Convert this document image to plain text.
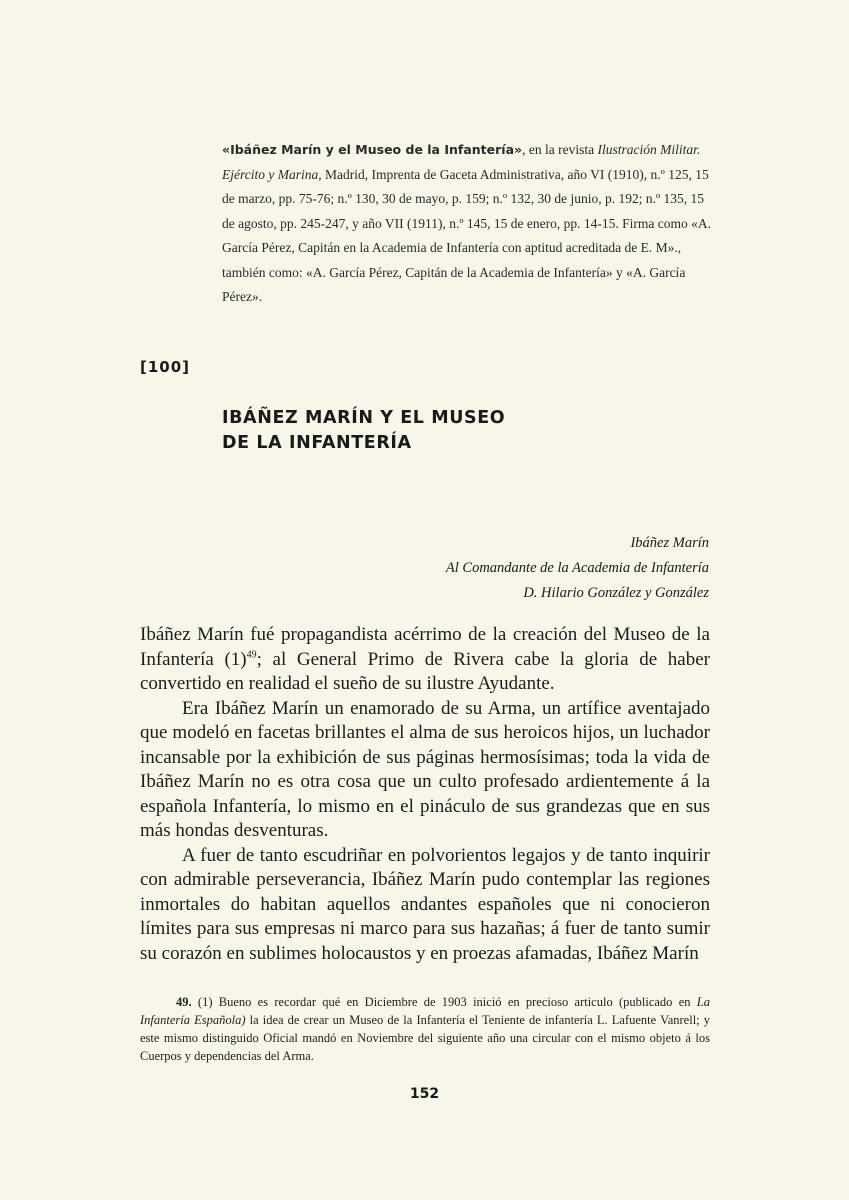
«Ibáñez Marín y el Museo de la Infantería», en la revista Ilustración Militar. Ejército y Marina, Madrid, Imprenta de Gaceta Administrativa, año VI (1910), n.º 125, 15 de marzo, pp. 75-76; n.º 130, 30 de mayo, p. 159; n.º 132, 30 de junio, p. 192; n.º 135, 15 de agosto, pp. 245-247, y año VII (1911), n.º 145, 15 de enero, pp. 14-15. Firma como «A. García Pérez, Capitán en la Academia de Infantería con aptitud acreditada de E. M»., también como: «A. García Pérez, Capitán de la Academia de Infantería» y «A. García Pérez».
[100]
IBÁÑEZ MARÍN Y EL MUSEO
DE LA INFANTERÍA
Ibáñez Marín
Al Comandante de la Academia de Infantería
D. Hilario González y González

Ibáñez Marín fué propagandista acérrimo de la creación del Museo de la Infantería $(1)^{49}$; al General Primo de Rivera cabe la gloria de haber convertido en realidad el sueño de su ilustre Ayudante.

Era Ibáñez Marín un enamorado de su Arma, un artífice aventajado que modeló en facetas brillantes el alma de sus heroicos hijos, un luchador incansable por la exhibición de sus páginas hermosísimas; toda la vida de Ibáñez Marín no es otra cosa que un culto profesado ardientemente á la española Infantería, lo mismo en el pináculo de sus grandezas que en sus más hondas desventuras.

A fuer de tanto escudriñar en polvorientos legajos y de tanto inquirir con admirable perseverancia, Ibáñez Marín pudo contemplar las regiones inmortales do habitan aquellos andantes españoles que ni conocieron límites para sus empresas ni marco para sus hazañas; á fuer de tanto sumir su corazón en sublimes holocaustos y en proezas afamadas, Ibáñez Marín

49. (1) Bueno es recordar qué en Diciembre de 1903 inició en precioso articulo (publicado en La Infantería Española) la idea de crear un Museo de la Infantería el Teniente de infantería L. Lafuente Vanrell; y este mismo distinguido Oficial mandó en Noviembre del siguiente año una circular con el mismo objeto á los Cuerpos y dependencias del Arma.

152
